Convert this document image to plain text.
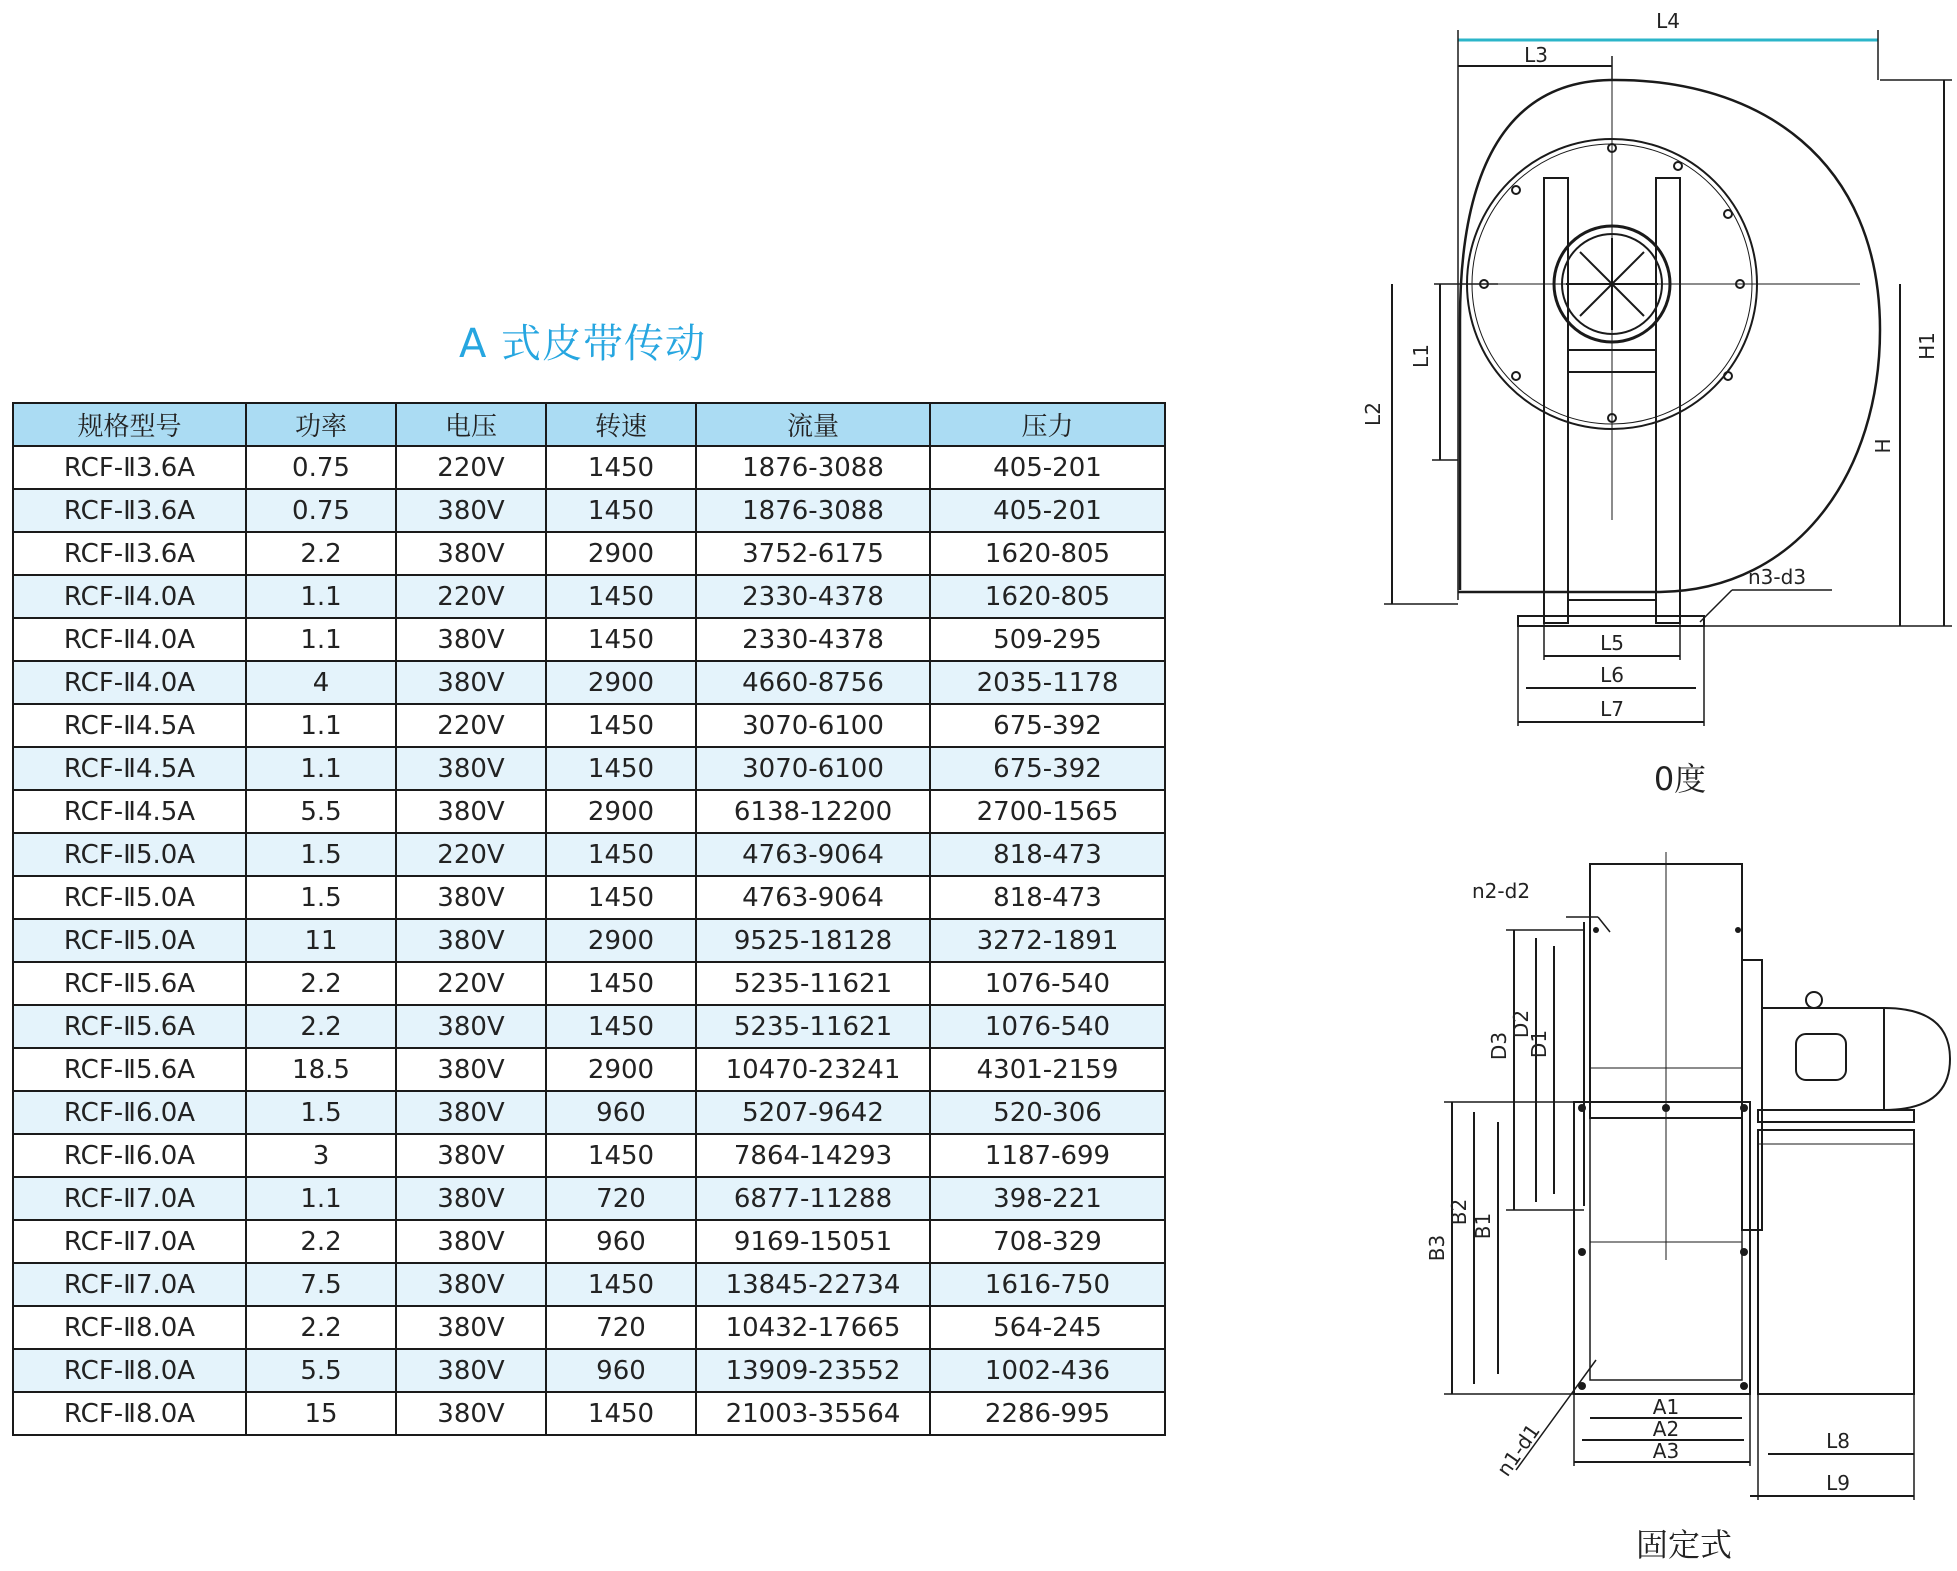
A 式皮带传动
规格型号	功率	电压	转速	流量	压力
RCF-Ⅱ3.6A	0.75	220V	1450	1876-3088	405-201
RCF-Ⅱ3.6A	0.75	380V	1450	1876-3088	405-201
RCF-Ⅱ3.6A	2.2	380V	2900	3752-6175	1620-805
RCF-Ⅱ4.0A	1.1	220V	1450	2330-4378	1620-805
RCF-Ⅱ4.0A	1.1	380V	1450	2330-4378	509-295
RCF-Ⅱ4.0A	4	380V	2900	4660-8756	2035-1178
RCF-Ⅱ4.5A	1.1	220V	1450	3070-6100	675-392
RCF-Ⅱ4.5A	1.1	380V	1450	3070-6100	675-392
RCF-Ⅱ4.5A	5.5	380V	2900	6138-12200	2700-1565
RCF-Ⅱ5.0A	1.5	220V	1450	4763-9064	818-473
RCF-Ⅱ5.0A	1.5	380V	1450	4763-9064	818-473
RCF-Ⅱ5.0A	11	380V	2900	9525-18128	3272-1891
RCF-Ⅱ5.6A	2.2	220V	1450	5235-11621	1076-540
RCF-Ⅱ5.6A	2.2	380V	1450	5235-11621	1076-540
RCF-Ⅱ5.6A	18.5	380V	2900	10470-23241	4301-2159
RCF-Ⅱ6.0A	1.5	380V	960	5207-9642	520-306
RCF-Ⅱ6.0A	3	380V	1450	7864-14293	1187-699
RCF-Ⅱ7.0A	1.1	380V	720	6877-11288	398-221
RCF-Ⅱ7.0A	2.2	380V	960	9169-15051	708-329
RCF-Ⅱ7.0A	7.5	380V	1450	13845-22734	1616-750
RCF-Ⅱ8.0A	2.2	380V	720	10432-17665	564-245
RCF-Ⅱ8.0A	5.5	380V	960	13909-23552	1002-436
RCF-Ⅱ8.0A	15	380V	1450	21003-35564	2286-995
L4
L3
L1
L2
H1
H
n3-d3
L5
L6
L7
0度
n2-d2
D3
D2
D1
B3
B2
B1
n1-d1
A1
A2
A3	L8
L9
固定式
